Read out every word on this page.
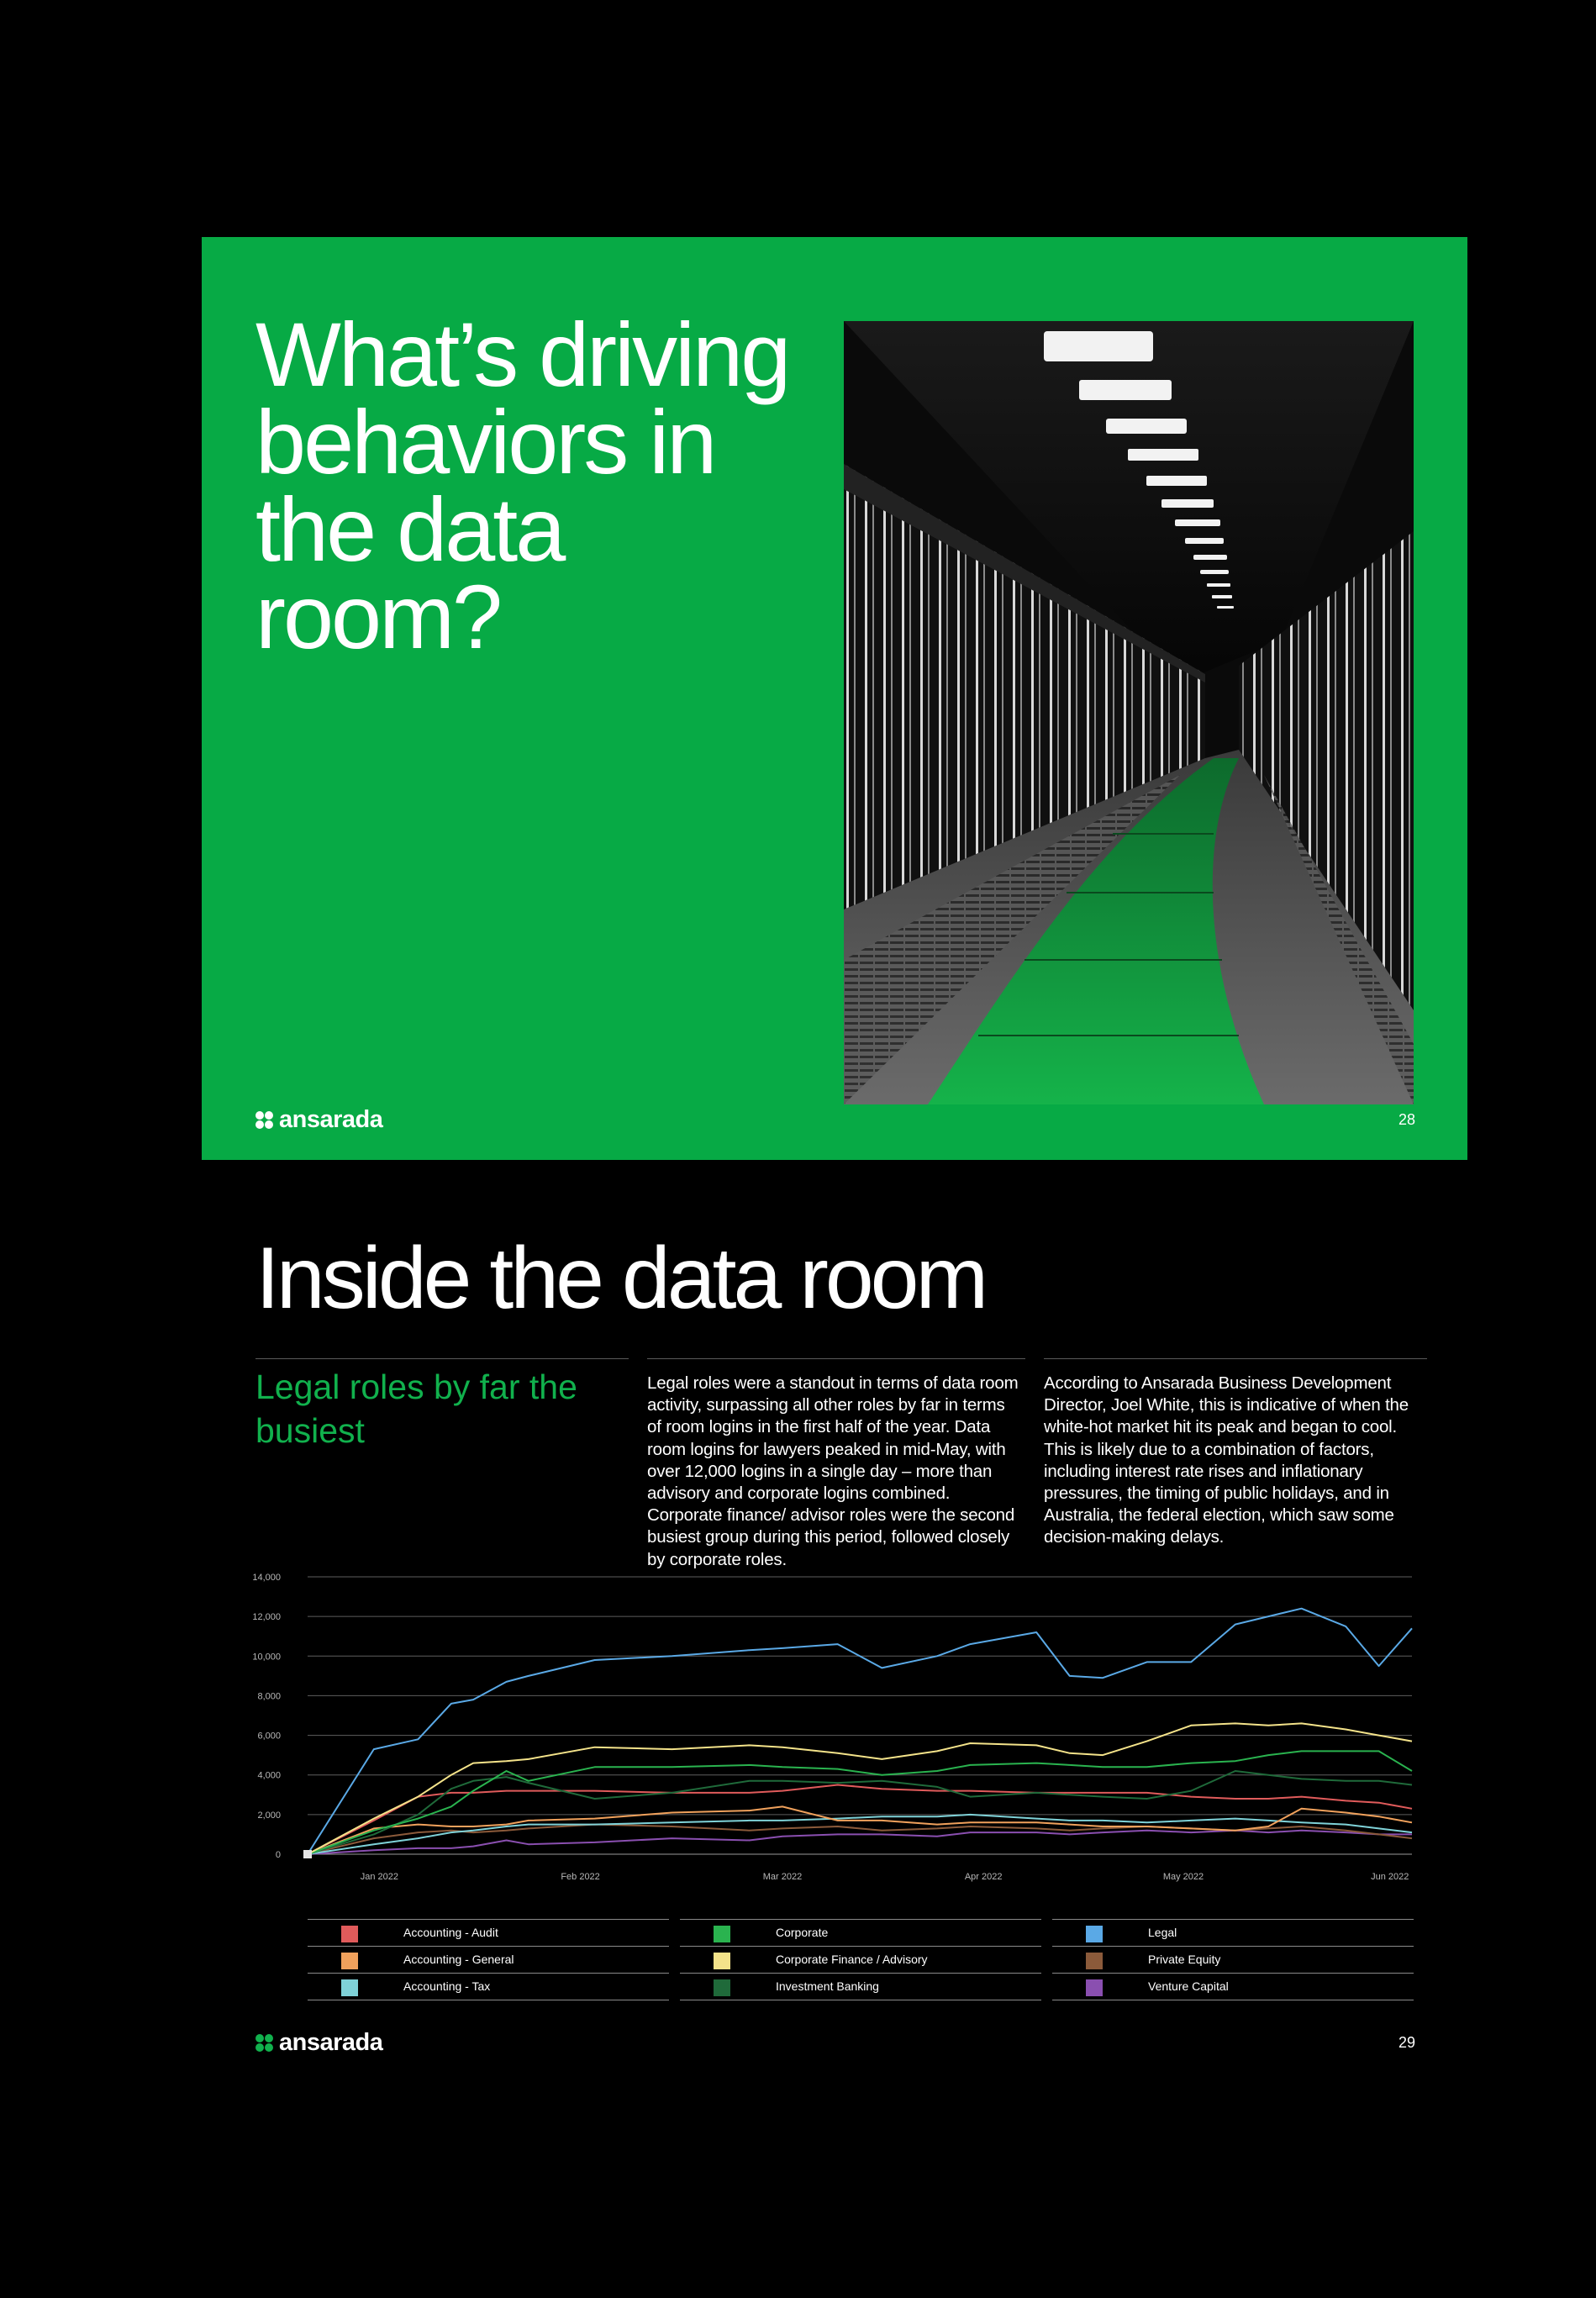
What’s driving behaviors in the data room?
ansarada	28
Inside the data room
Legal roles by far the busiest

Legal roles were a standout in terms of data room activity, surpassing all other roles by far in terms of room logins in the first half of the year. Data room logins for lawyers peaked in mid-May, with over 12,000 logins in a single day – more than advisory and corporate logins combined. Corporate finance/ advisor roles were the second busiest group during this period, followed closely by corporate roles.

According to Ansarada Business Development Director, Joel White, this is indicative of when the white-hot market hit its peak and began to cool. This is likely due to a combination of factors, including interest rate rises and inflationary pressures, the timing of public holidays, and in Australia, the federal election, which saw some decision-making delays.

0
2,000
4,000
6,000
8,000
10,000
12,000
14,000
Jan 2022	Feb 2022	Mar 2022	Apr 2022	May 2022	Jun 2022
Accounting - Audit
Accounting - General
Accounting - Tax
Corporate
Corporate Finance / Advisory
Investment Banking
Legal
Private Equity
Venture Capital
ansarada	29
